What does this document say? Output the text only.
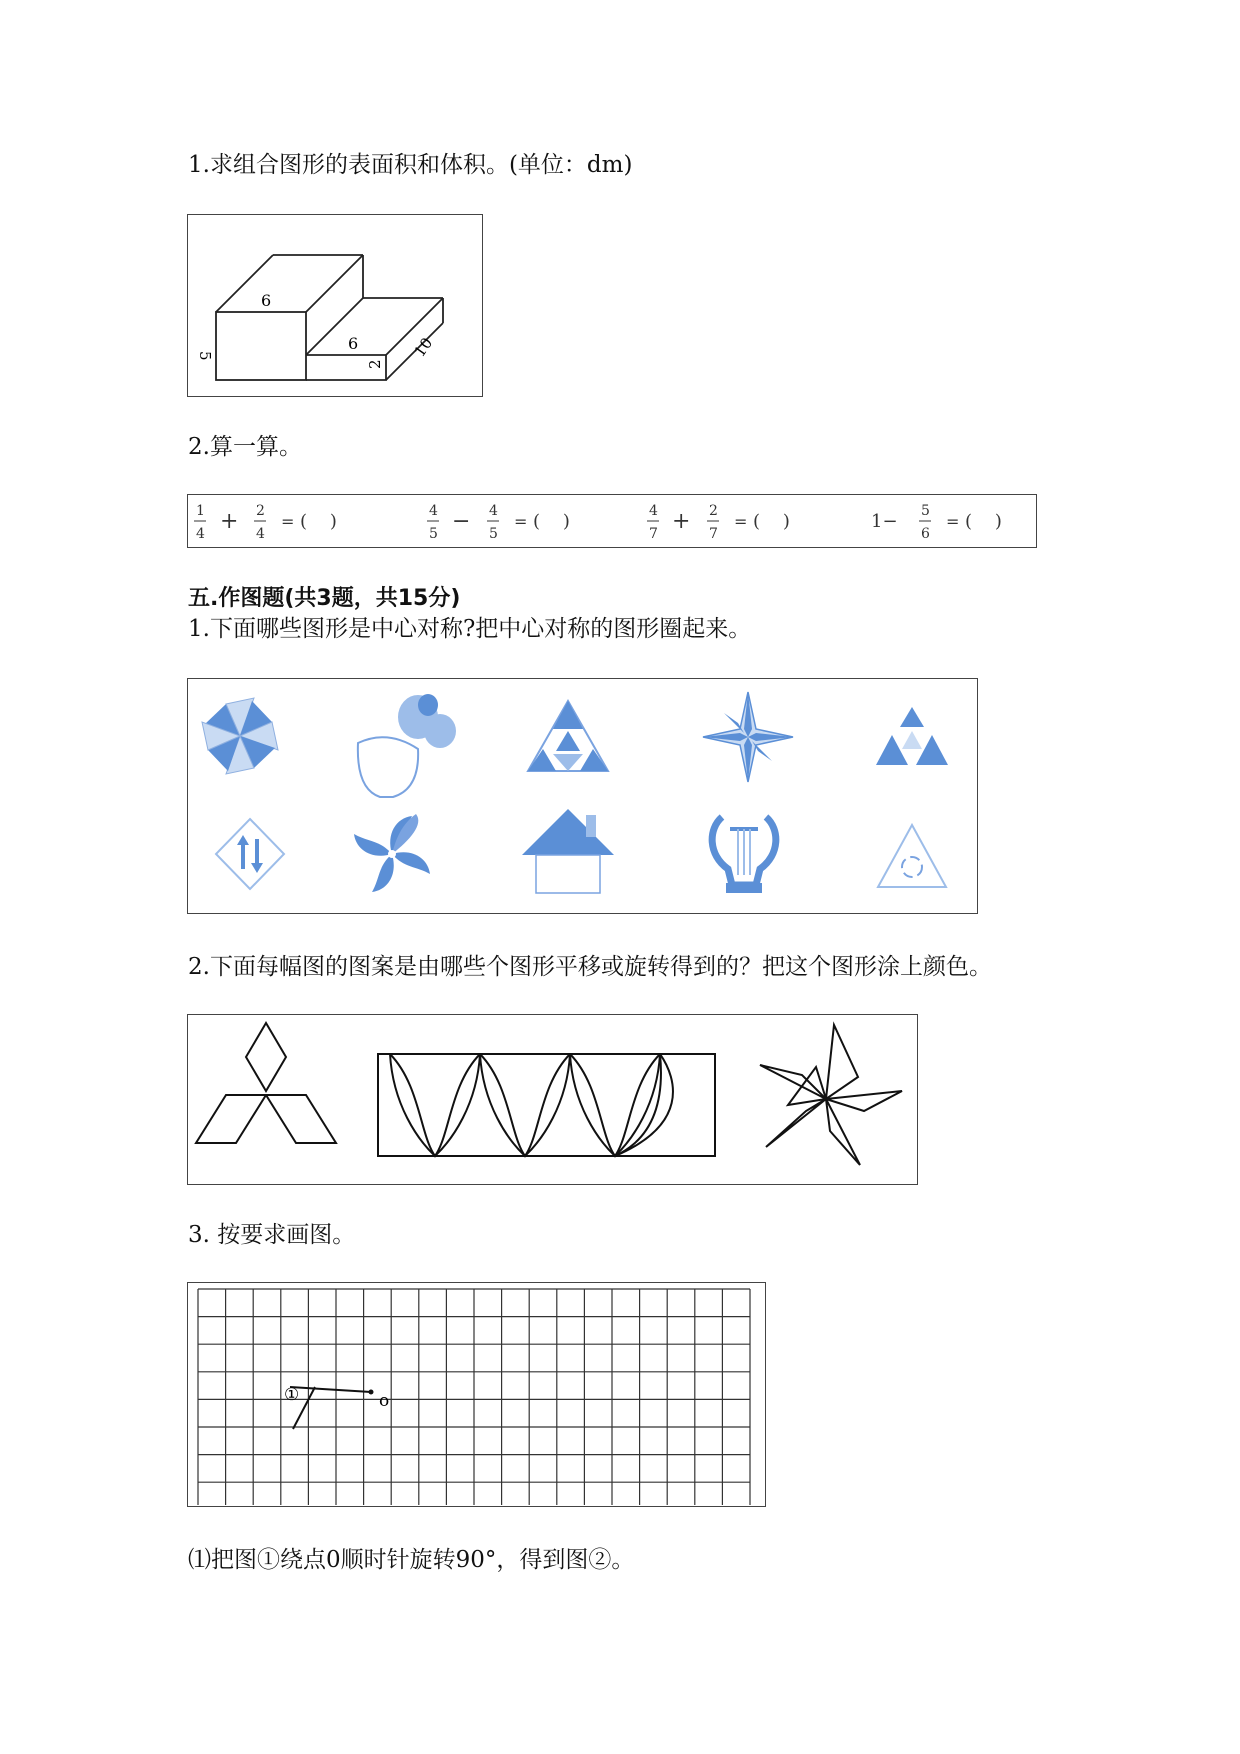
1.求组合图形的表面积和体积。(单位：dm)
5
6
6
2
10
2.算一算。
1
4 + 2
4
= (    )	4
5 − 4
5
= (    )	4
7 + 2
7
= (    )	1− 5
6
= (    )
五.作图题(共3题，共15分)
1.下面哪些图形是中心对称?把中心对称的图形圈起来。
2.下面每幅图的图案是由哪些个图形平移或旋转得到的？把这个图形涂上颜色。
3. 按要求画图。
①	o
⑴把图①绕点0顺时针旋转90°，得到图②。
